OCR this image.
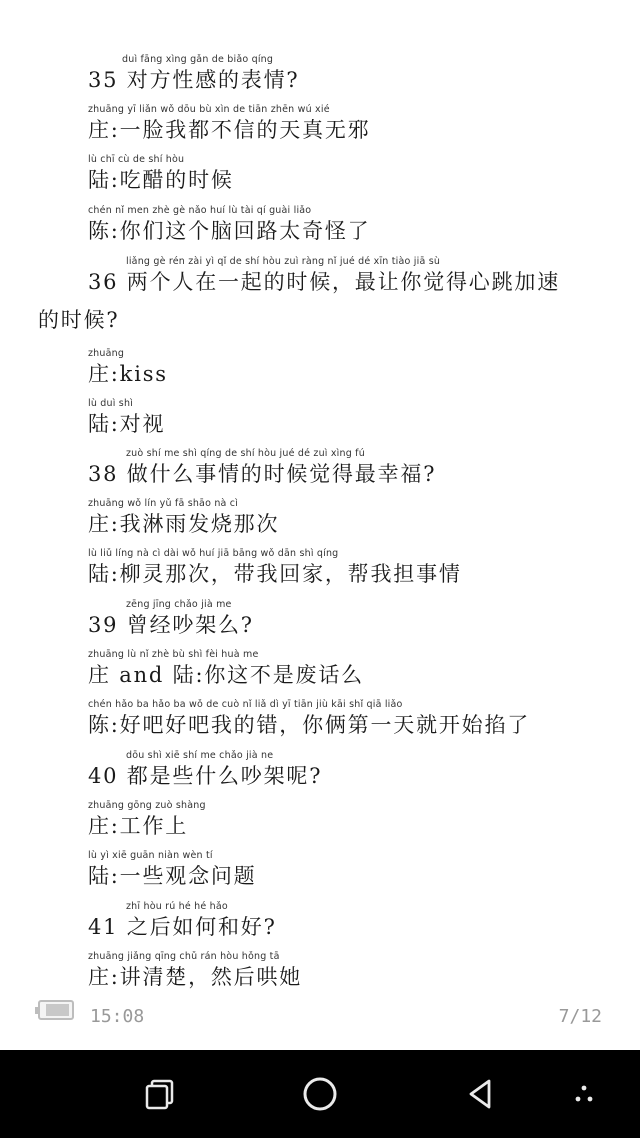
duì fāng xìng gǎn de biǎo qíng
35 对方性感的表情?
zhuāng yī liǎn wǒ dōu bù xìn de tiān zhēn wú xié
庄:一脸我都不信的天真无邪
lù chī cù de shí hòu
陆:吃醋的时候
chén nǐ men zhè gè nǎo huí lù tài qí guài liǎo
陈:你们这个脑回路太奇怪了
liǎng gè rén zài yì qǐ de shí hòu zuì ràng nǐ jué dé xīn tiào jiā sù
36 两个人在一起的时候，最让你觉得心跳加速
的时候?
zhuāng
庄:kiss
lù duì shì
陆:对视
zuò shí me shì qíng de shí hòu jué dé zuì xìng fú
38 做什么事情的时候觉得最幸福?
zhuāng wǒ lín yǔ fā shāo nà cì
庄:我淋雨发烧那次
lù liǔ líng nà cì dài wǒ huí jiā bāng wǒ dān shì qíng
陆:柳灵那次，带我回家，帮我担事情
zēng jīng chǎo jià me
39 曾经吵架么?
zhuāng lù nǐ zhè bù shì fèi huà me
庄 and 陆:你这不是废话么
chén hǎo ba hǎo ba wǒ de cuò nǐ liǎ dì yī tiān jiù kāi shǐ qiā liǎo
陈:好吧好吧我的错，你俩第一天就开始掐了
dōu shì xiē shí me chǎo jià ne
40 都是些什么吵架呢?
zhuāng gōng zuò shàng
庄:工作上
lù yì xiē guān niàn wèn tí
陆:一些观念问题
zhī hòu rú hé hé hǎo
41 之后如何和好?
zhuāng jiǎng qīng chǔ rán hòu hǒng tā
庄:讲清楚，然后哄她
15:08	7/12
